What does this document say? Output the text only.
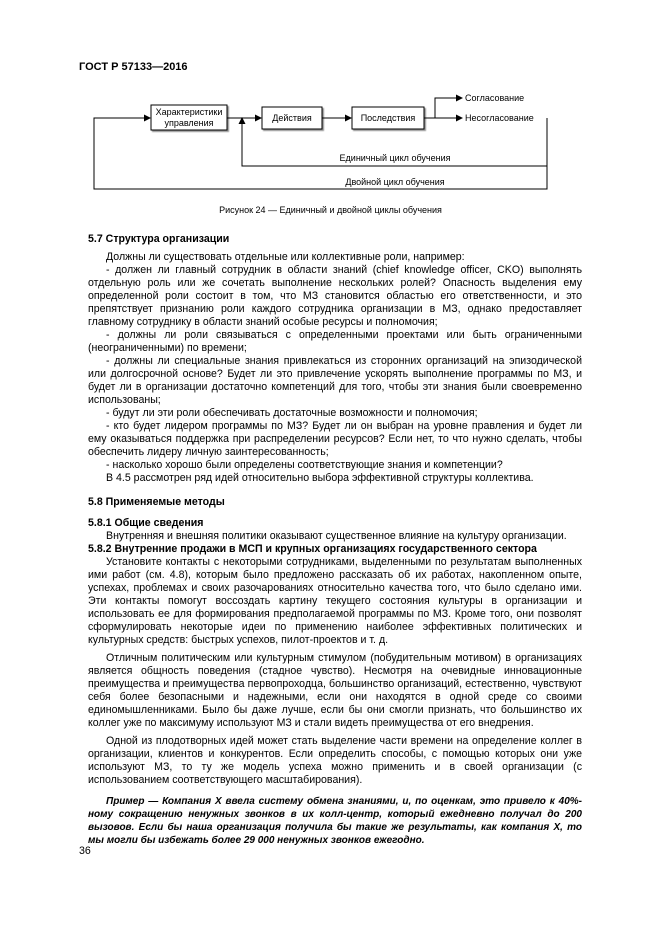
ГОСТ Р 57133—2016
Характеристики
управления	Действия	Последствия
Согласование
Несогласование
Единичный цикл обучения
Двойной цикл обучения
Рисунок 24 — Единичный и двойной циклы обучения
5.7 Структура организации

Должны ли существовать отдельные или коллективные роли, например:

- должен ли главный сотрудник в области знаний (chief knowledge officer, CKO) выполнять отдельную роль или же сочетать выполнение нескольких ролей? Опасность выделения ему определенной роли состоит в том, что МЗ становится областью его ответственности, и это препятствует признанию роли каждого сотрудника организации в МЗ, однако предоставляет главному сотруднику в области знаний особые ресурсы и полномочия;

- должны ли роли связываться с определенными проектами или быть ограниченными (неограниченными) по времени;

- должны ли специальные знания привлекаться из сторонних организаций на эпизодической или долгосрочной основе? Будет ли это привлечение ускорять выполнение программы по МЗ, и будет ли в организации достаточно компетенций для того, чтобы эти знания были своевременно использованы;

- будут ли эти роли обеспечивать достаточные возможности и полномочия;

- кто будет лидером программы по МЗ? Будет ли он выбран на уровне правления и будет ли ему оказываться поддержка при распределении ресурсов? Если нет, то что нужно сделать, чтобы обеспечить лидеру личную заинтересованность;

- насколько хорошо были определены соответствующие знания и компетенции?

В 4.5 рассмотрен ряд идей относительно выбора эффективной структуры коллектива.

5.8 Применяемые методы
5.8.1 Общие сведения

Внутренняя и внешняя политики оказывают существенное влияние на культуру организации.

5.8.2 Внутренние продажи в МСП и крупных организациях государственного сектора

Установите контакты с некоторыми сотрудниками, выделенными по результатам выполненных ими работ (см. 4.8), которым было предложено рассказать об их работах, накопленном опыте, успехах, проблемах и своих разочарованиях относительно качества того, что было сделано ими. Эти контакты помогут воссоздать картину текущего состояния культуры в организации и использовать ее для формирования предполагаемой программы по МЗ. Кроме того, они позволят сформулировать некоторые идеи по применению наиболее эффективных политических и культурных средств: быстрых успехов, пилот-проектов и т. д.

Отличным политическим или культурным стимулом (побудительным мотивом) в организациях является общность поведения (стадное чувство). Несмотря на очевидные инновационные преимущества и преимущества первопроходца, большинство организаций, естественно, чувствуют себя более безопасными и надежными, если они находятся в одной среде со своими единомышленниками. Было бы даже лучше, если бы они смогли признать, что большинство их коллег уже по максимуму используют МЗ и стали видеть преимущества от его внедрения.

Одной из плодотворных идей может стать выделение части времени на определение коллег в организации, клиентов и конкурентов. Если определить способы, с помощью которых они уже используют МЗ, то ту же модель успеха можно применить и в своей организации (с использованием соответствующего масштабирования).

Пример — Компания X ввела систему обмена знаниями, и, по оценкам, это привело к 40%-ному сокращению ненужных звонков в их колл-центр, который ежедневно получал до 200 вызовов. Если бы наша организация получила бы такие же результаты, как компания X, то мы могли бы избежать более 29 000 ненужных звонков ежегодно.

36
